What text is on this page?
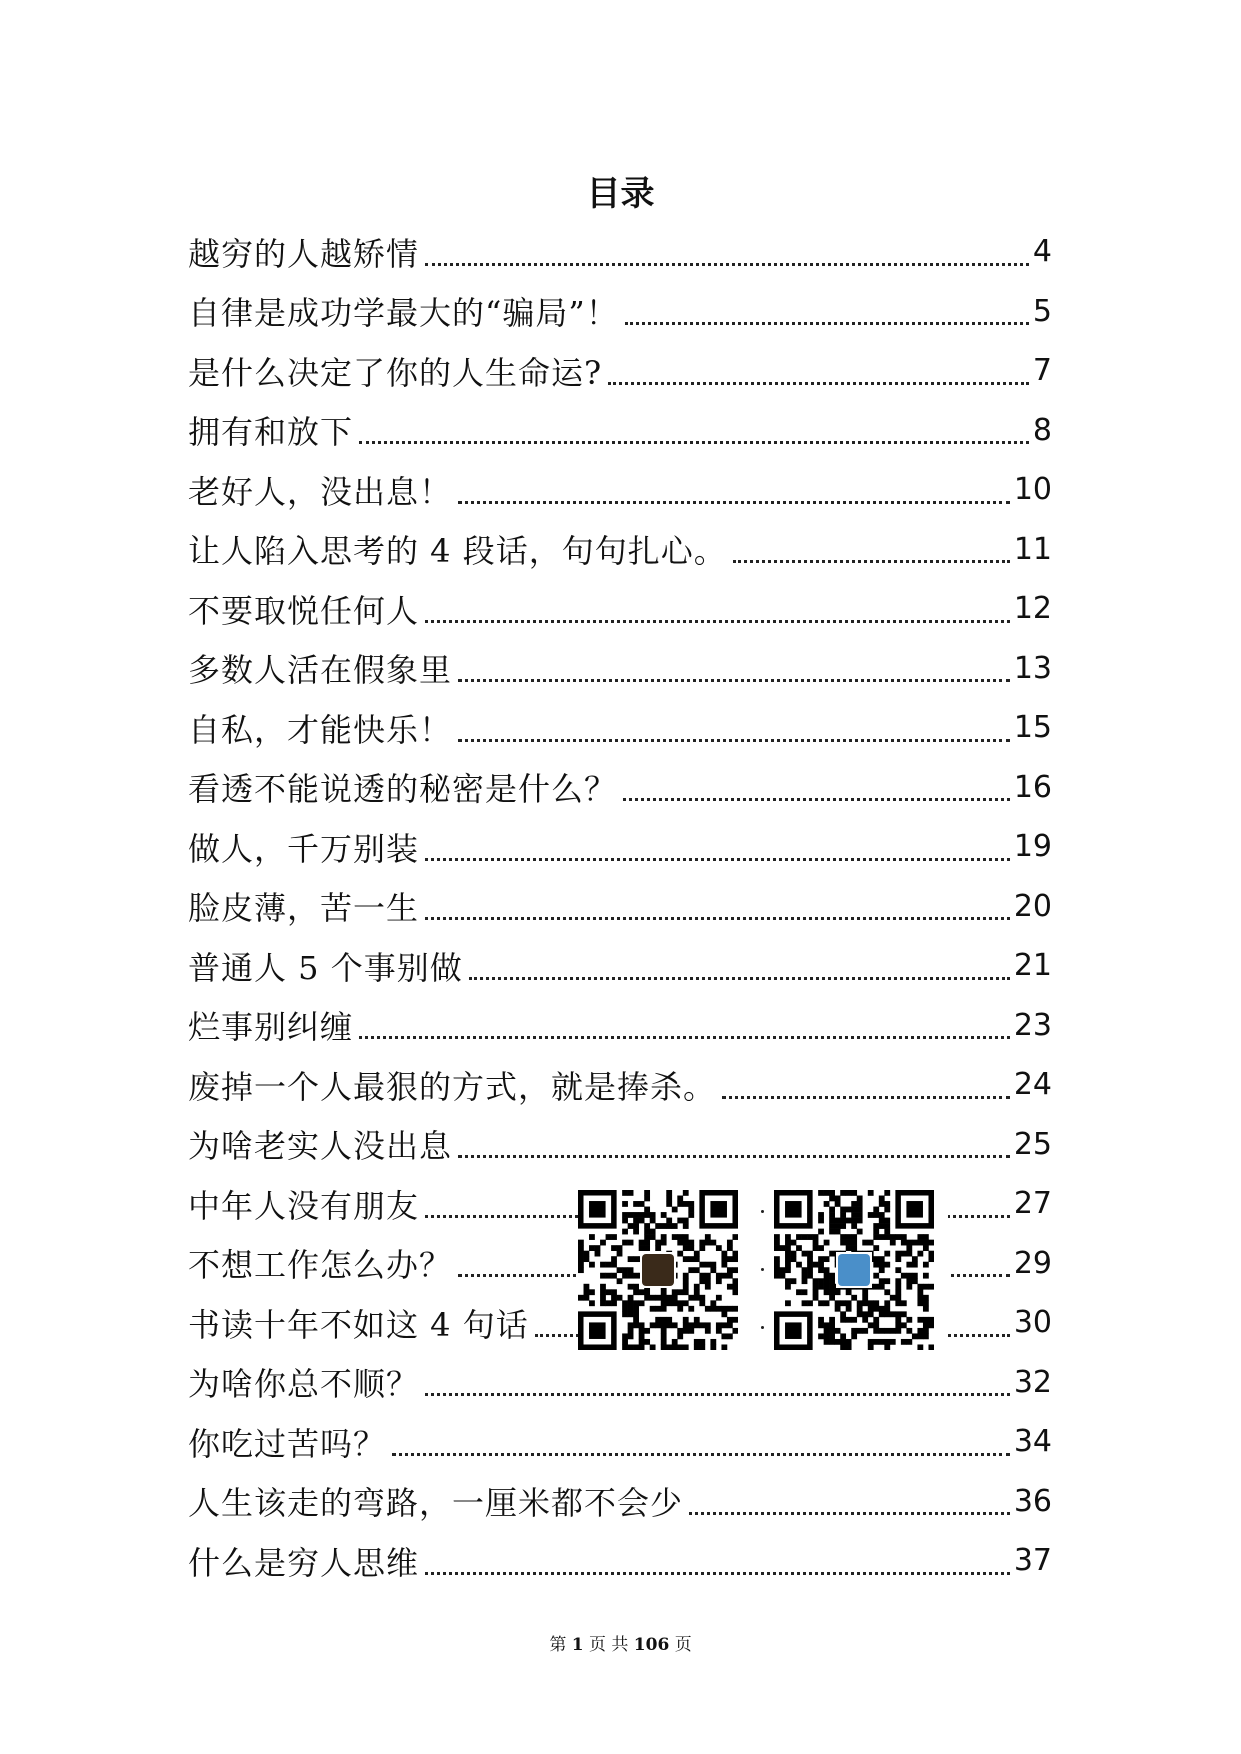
目录
越穷的人越矫情	4
自律是成功学最大的“骗局”！	5
是什么决定了你的人生命运?	7
拥有和放下	8
老好人，没出息！	10
让人陷入思考的 4 段话，句句扎心。	11
不要取悦任何人	12
多数人活在假象里	13
自私，才能快乐！	15
看透不能说透的秘密是什么？	16
做人，千万别装	19
脸皮薄，苦一生	20
普通人 5 个事别做	21
烂事别纠缠	23
废掉一个人最狠的方式，就是捧杀。	24
为啥老实人没出息	25
中年人没有朋友	27
不想工作怎么办？	29
书读十年不如这 4 句话	30
为啥你总不顺？	32
你吃过苦吗？	34
人生该走的弯路，一厘米都不会少	36
什么是穷人思维	37
第 1 页 共 106 页
